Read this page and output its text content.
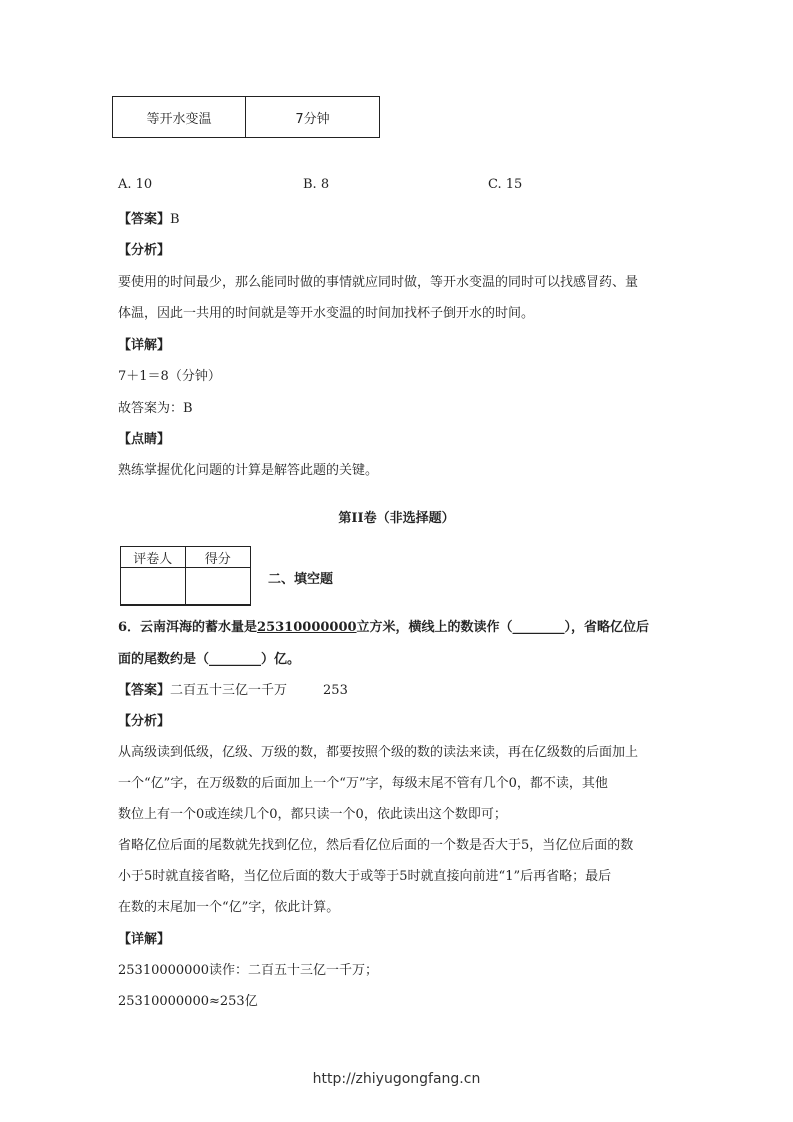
等开水变温	7分钟
A. 10	B. 8	C. 15
【答案】B
【分析】
要使用的时间最少，那么能同时做的事情就应同时做，等开水变温的同时可以找感冒药、量
体温，因此一共用的时间就是等开水变温的时间加找杯子倒开水的时间。
【详解】
7＋1＝8（分钟）
故答案为：B
【点睛】
熟练掌握优化问题的计算是解答此题的关键。
第II卷（非选择题）
评卷人	得分
二、填空题
6．云南洱海的蓄水量是25310000000立方米，横线上的数读作（________），省略亿位后
面的尾数约是（________）亿。
【答案】二百五十三亿一千万	253
【分析】
从高级读到低级，亿级、万级的数，都要按照个级的数的读法来读，再在亿级数的后面加上
一个“亿”字，在万级数的后面加上一个“万”字，每级末尾不管有几个0，都不读，其他
数位上有一个0或连续几个0，都只读一个0，依此读出这个数即可；
省略亿位后面的尾数就先找到亿位，然后看亿位后面的一个数是否大于5，当亿位后面的数
小于5时就直接省略，当亿位后面的数大于或等于5时就直接向前进“1”后再省略；最后
在数的末尾加一个“亿”字，依此计算。
【详解】
25310000000读作：二百五十三亿一千万；
25310000000≈253亿
http://zhiyugongfang.cn
